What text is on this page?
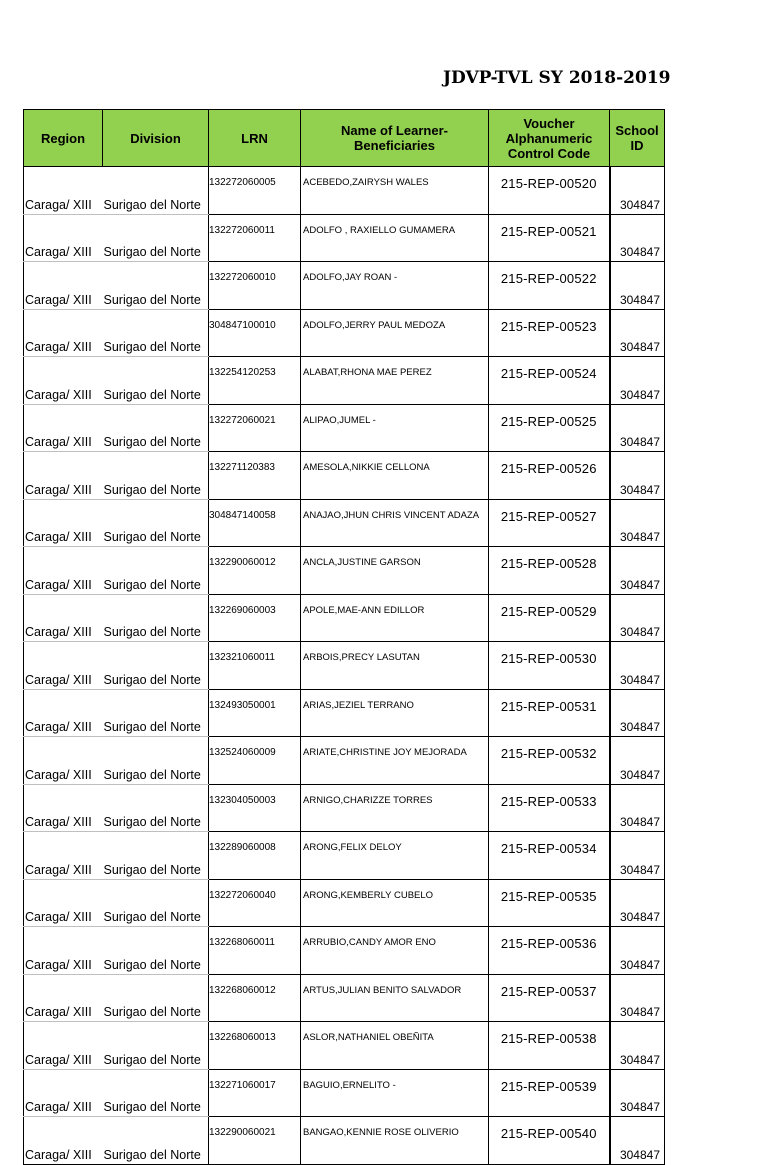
JDVP-TVL SY 2018-2019
Region	Division	LRN	Name of Learner-Beneficiaries	Voucher Alphanumeric Control Code	School ID
Caraga/ XIII	Surigao del Norte	132272060005	ACEBEDO,ZAIRYSH WALES	215-REP-00520	304847
Caraga/ XIII	Surigao del Norte	132272060011	ADOLFO , RAXIELLO GUMAMERA	215-REP-00521	304847
Caraga/ XIII	Surigao del Norte	132272060010	ADOLFO,JAY ROAN -	215-REP-00522	304847
Caraga/ XIII	Surigao del Norte	304847100010	ADOLFO,JERRY PAUL MEDOZA	215-REP-00523	304847
Caraga/ XIII	Surigao del Norte	132254120253	ALABAT,RHONA MAE PEREZ	215-REP-00524	304847
Caraga/ XIII	Surigao del Norte	132272060021	ALIPAO,JUMEL -	215-REP-00525	304847
Caraga/ XIII	Surigao del Norte	132271120383	AMESOLA,NIKKIE CELLONA	215-REP-00526	304847
Caraga/ XIII	Surigao del Norte	304847140058	ANAJAO,JHUN CHRIS VINCENT ADAZA	215-REP-00527	304847
Caraga/ XIII	Surigao del Norte	132290060012	ANCLA,JUSTINE GARSON	215-REP-00528	304847
Caraga/ XIII	Surigao del Norte	132269060003	APOLE,MAE-ANN EDILLOR	215-REP-00529	304847
Caraga/ XIII	Surigao del Norte	132321060011	ARBOIS,PRECY LASUTAN	215-REP-00530	304847
Caraga/ XIII	Surigao del Norte	132493050001	ARIAS,JEZIEL TERRANO	215-REP-00531	304847
Caraga/ XIII	Surigao del Norte	132524060009	ARIATE,CHRISTINE JOY MEJORADA	215-REP-00532	304847
Caraga/ XIII	Surigao del Norte	132304050003	ARNIGO,CHARIZZE TORRES	215-REP-00533	304847
Caraga/ XIII	Surigao del Norte	132289060008	ARONG,FELIX DELOY	215-REP-00534	304847
Caraga/ XIII	Surigao del Norte	132272060040	ARONG,KEMBERLY CUBELO	215-REP-00535	304847
Caraga/ XIII	Surigao del Norte	132268060011	ARRUBIO,CANDY AMOR ENO	215-REP-00536	304847
Caraga/ XIII	Surigao del Norte	132268060012	ARTUS,JULIAN BENITO SALVADOR	215-REP-00537	304847
Caraga/ XIII	Surigao del Norte	132268060013	ASLOR,NATHANIEL OBEÑITA	215-REP-00538	304847
Caraga/ XIII	Surigao del Norte	132271060017	BAGUIO,ERNELITO -	215-REP-00539	304847
Caraga/ XIII	Surigao del Norte	132290060021	BANGAO,KENNIE ROSE OLIVERIO	215-REP-00540	304847
